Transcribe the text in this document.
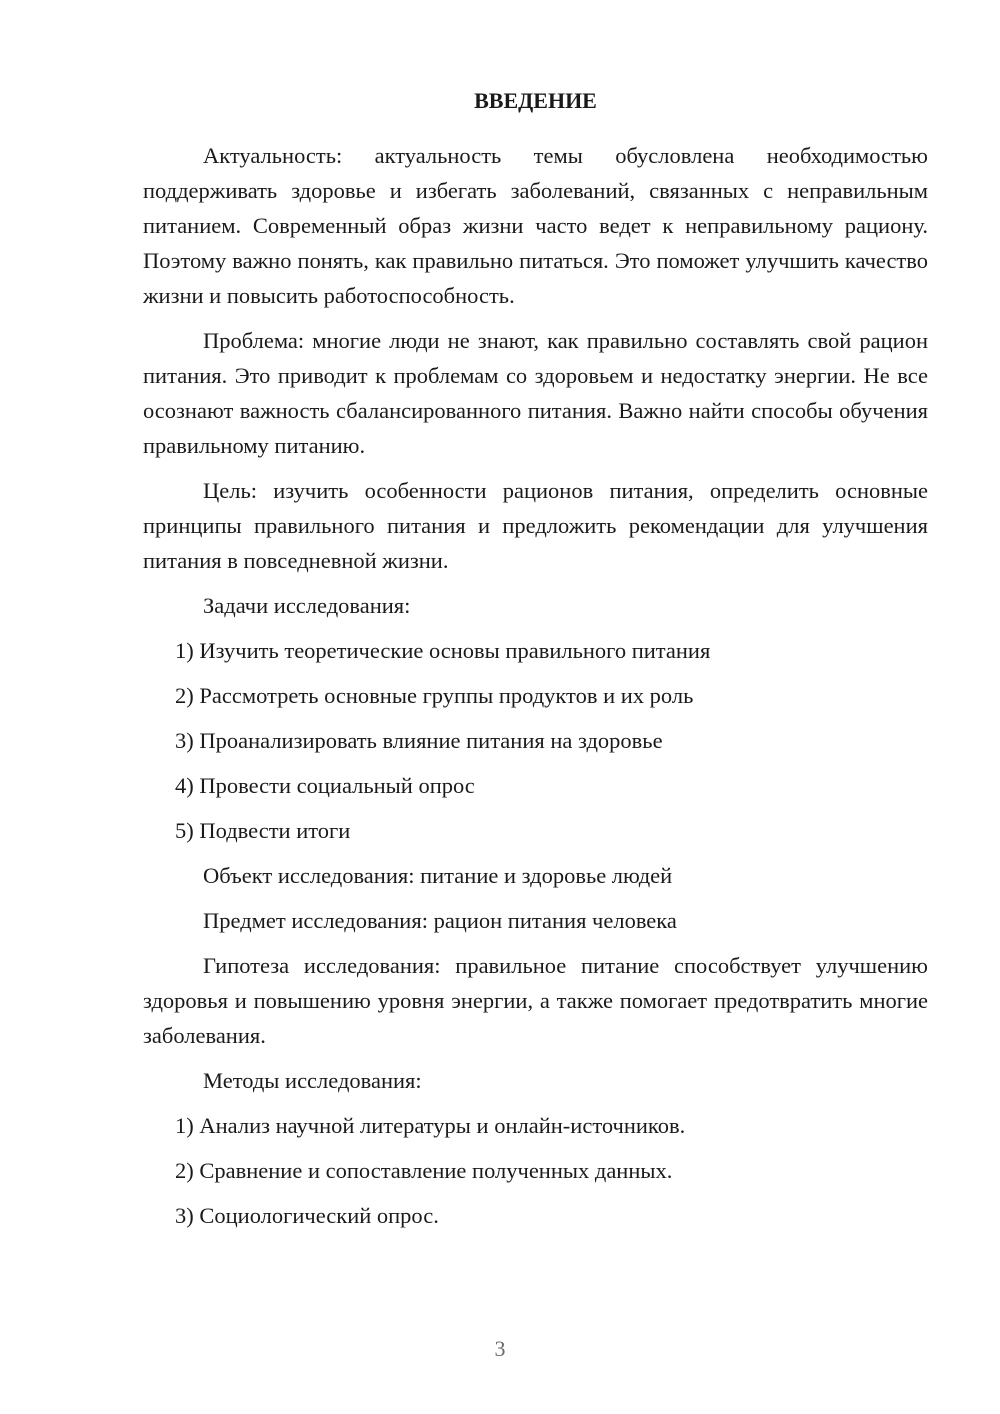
ВВЕДЕНИЕ

Актуальность: актуальность темы обусловлена необходимостью поддерживать здоровье и избегать заболеваний, связанных с неправильным питанием. Современный образ жизни часто ведет к неправильному рациону. Поэтому важно понять, как правильно питаться. Это поможет улучшить качество жизни и повысить работоспособность.

Проблема: многие люди не знают, как правильно составлять свой рацион питания. Это приводит к проблемам со здоровьем и недостатку энергии. Не все осознают важность сбалансированного питания. Важно найти способы обучения правильному питанию.

Цель: изучить особенности рационов питания, определить основные принципы правильного питания и предложить рекомендации для улучшения питания в повседневной жизни.

Задачи исследования:

1) Изучить теоретические основы правильного питания
2) Рассмотреть основные группы продуктов и их роль
3) Проанализировать влияние питания на здоровье
4) Провести социальный опрос
5) Подвести итоги

Объект исследования: питание и здоровье людей

Предмет исследования: рацион питания человека

Гипотеза исследования: правильное питание способствует улучшению здоровья и повышению уровня энергии, а также помогает предотвратить многие заболевания.

Методы исследования:

1) Анализ научной литературы и онлайн-источников.
2) Сравнение и сопоставление полученных данных.
3) Социологический опрос.
3
